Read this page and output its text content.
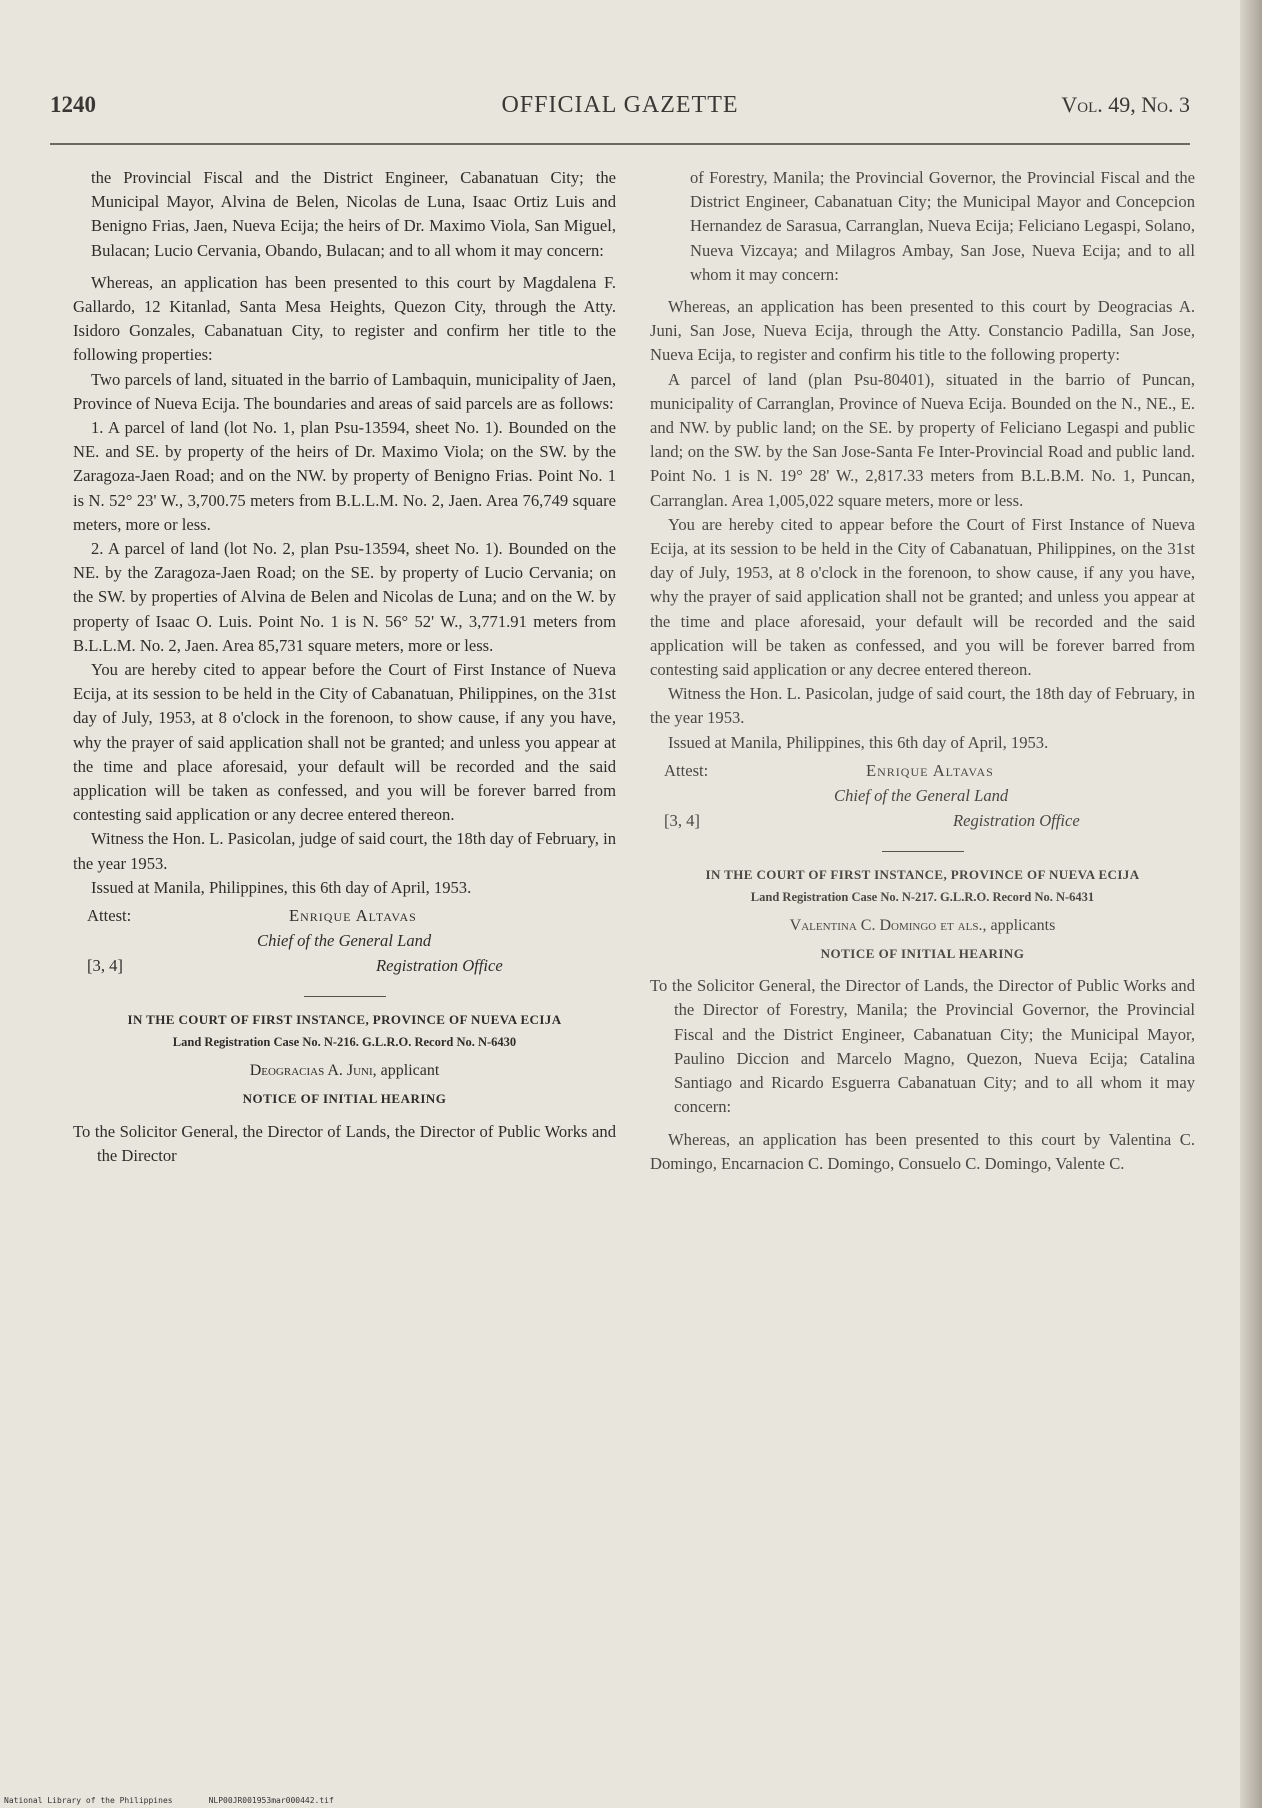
1240	OFFICIAL GAZETTE	Vol. 49, No. 3

the Provincial Fiscal and the District Engineer, Cabanatuan City; the Municipal Mayor, Alvina de Belen, Nicolas de Luna, Isaac Ortiz Luis and Benigno Frias, Jaen, Nueva Ecija; the heirs of Dr. Maximo Viola, San Miguel, Bulacan; Lucio Cervania, Obando, Bulacan; and to all whom it may concern:

Whereas, an application has been presented to this court by Magdalena F. Gallardo, 12 Kitanlad, Santa Mesa Heights, Quezon City, through the Atty. Isidoro Gonzales, Cabanatuan City, to register and confirm her title to the following properties:

Two parcels of land, situated in the barrio of Lambaquin, municipality of Jaen, Province of Nueva Ecija. The boundaries and areas of said parcels are as follows:

1. A parcel of land (lot No. 1, plan Psu-13594, sheet No. 1). Bounded on the NE. and SE. by property of the heirs of Dr. Maximo Viola; on the SW. by the Zaragoza-Jaen Road; and on the NW. by property of Benigno Frias. Point No. 1 is N. 52° 23' W., 3,700.75 meters from B.L.L.M. No. 2, Jaen. Area 76,749 square meters, more or less.

2. A parcel of land (lot No. 2, plan Psu-13594, sheet No. 1). Bounded on the NE. by the Zaragoza-Jaen Road; on the SE. by property of Lucio Cervania; on the SW. by properties of Alvina de Belen and Nicolas de Luna; and on the W. by property of Isaac O. Luis. Point No. 1 is N. 56° 52' W., 3,771.91 meters from B.L.L.M. No. 2, Jaen. Area 85,731 square meters, more or less.

You are hereby cited to appear before the Court of First Instance of Nueva Ecija, at its session to be held in the City of Cabanatuan, Philippines, on the 31st day of July, 1953, at 8 o'clock in the forenoon, to show cause, if any you have, why the prayer of said application shall not be granted; and unless you appear at the time and place aforesaid, your default will be recorded and the said application will be taken as confessed, and you will be forever barred from contesting said application or any decree entered thereon.

Witness the Hon. L. Pasicolan, judge of said court, the 18th day of February, in the year 1953.

Issued at Manila, Philippines, this 6th day of April, 1953.

Attest:	Enrique Altavas
Chief of the General Land
[3, 4]	Registration Office
IN THE COURT OF FIRST INSTANCE, PROVINCE OF NUEVA ECIJA
Land Registration Case No. N-216. G.L.R.O. Record No. N-6430
Deogracias A. Juni, applicant
NOTICE OF INITIAL HEARING

To the Solicitor General, the Director of Lands, the Director of Public Works and the Director

of Forestry, Manila; the Provincial Governor, the Provincial Fiscal and the District Engineer, Cabanatuan City; the Municipal Mayor and Concepcion Hernandez de Sarasua, Carranglan, Nueva Ecija; Feliciano Legaspi, Solano, Nueva Vizcaya; and Milagros Ambay, San Jose, Nueva Ecija; and to all whom it may concern:

Whereas, an application has been presented to this court by Deogracias A. Juni, San Jose, Nueva Ecija, through the Atty. Constancio Padilla, San Jose, Nueva Ecija, to register and confirm his title to the following property:

A parcel of land (plan Psu-80401), situated in the barrio of Puncan, municipality of Carranglan, Province of Nueva Ecija. Bounded on the N., NE., E. and NW. by public land; on the SE. by property of Feliciano Legaspi and public land; on the SW. by the San Jose-Santa Fe Inter-Provincial Road and public land. Point No. 1 is N. 19° 28' W., 2,817.33 meters from B.L.B.M. No. 1, Puncan, Carranglan. Area 1,005,022 square meters, more or less.

You are hereby cited to appear before the Court of First Instance of Nueva Ecija, at its session to be held in the City of Cabanatuan, Philippines, on the 31st day of July, 1953, at 8 o'clock in the forenoon, to show cause, if any you have, why the prayer of said application shall not be granted; and unless you appear at the time and place aforesaid, your default will be recorded and the said application will be taken as confessed, and you will be forever barred from contesting said application or any decree entered thereon.

Witness the Hon. L. Pasicolan, judge of said court, the 18th day of February, in the year 1953.

Issued at Manila, Philippines, this 6th day of April, 1953.

Attest:	Enrique Altavas
Chief of the General Land
[3, 4]	Registration Office
IN THE COURT OF FIRST INSTANCE, PROVINCE OF NUEVA ECIJA
Land Registration Case No. N-217. G.L.R.O. Record No. N-6431
Valentina C. Domingo et als., applicants
NOTICE OF INITIAL HEARING

To the Solicitor General, the Director of Lands, the Director of Public Works and the Director of Forestry, Manila; the Provincial Governor, the Provincial Fiscal and the District Engineer, Cabanatuan City; the Municipal Mayor, Paulino Diccion and Marcelo Magno, Quezon, Nueva Ecija; Catalina Santiago and Ricardo Esguerra Cabanatuan City; and to all whom it may concern:

Whereas, an application has been presented to this court by Valentina C. Domingo, Encarnacion C. Domingo, Consuelo C. Domingo, Valente C.

National Library of the Philippines	NLP00JR001953mar000442.tif
